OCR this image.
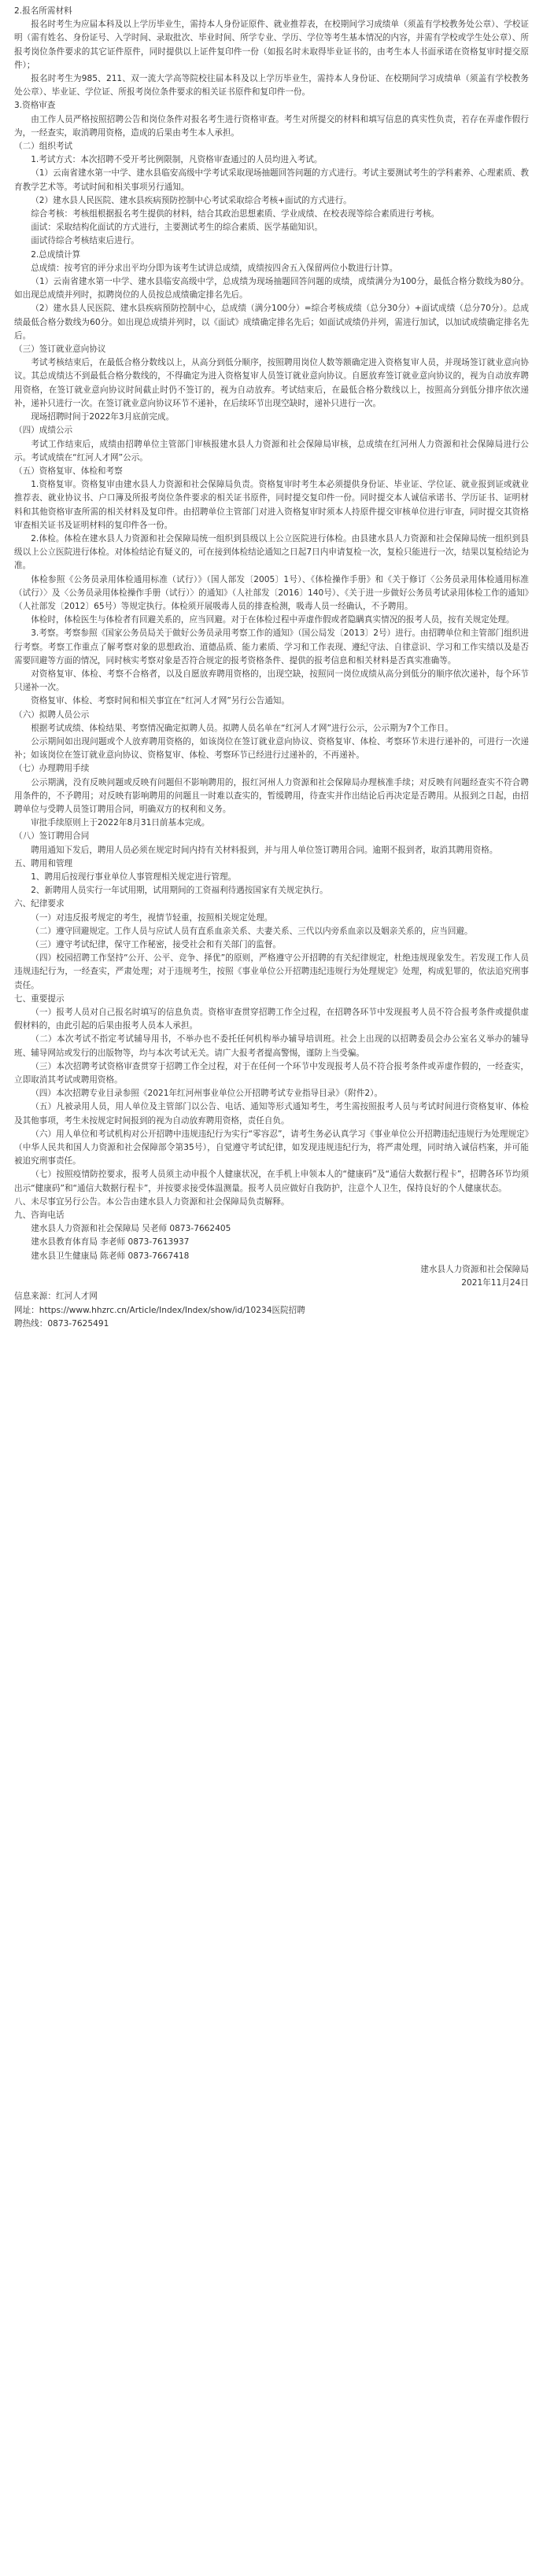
2.报名所需材料

报名时考生为应届本科及以上学历毕业生，需持本人身份证原件、就业推荐表，在校期间学习成绩单（须盖有学校教务处公章）、学校证明（需有姓名、身份证号、入学时间、录取批次、毕业时间、所学专业、学历、学位等考生基本情况的内容，并需有学校或学生处公章）、所报考岗位条件要求的其它证件原件，同时提供以上证件复印件一份（如报名时未取得毕业证书的，由考生本人书面承诺在资格复审时提交原件）；

报名时考生为985、211、双一流大学高等院校往届本科及以上学历毕业生，需持本人身份证、在校期间学习成绩单（须盖有学校教务处公章）、毕业证、学位证、所报考岗位条件要求的相关证书原件和复印件一份。

3.资格审查

由工作人员严格按照招聘公告和岗位条件对报名考生进行资格审查。考生对所提交的材料和填写信息的真实性负责，若存在弄虚作假行为，一经查实，取消聘用资格，造成的后果由考生本人承担。

（二）组织考试

1.考试方式：本次招聘不受开考比例限制，凡资格审查通过的人员均进入考试。

（1）云南省建水第一中学、建水县临安高级中学考试采取现场抽题回答问题的方式进行。考试主要测试考生的学科素养、心理素质、教育教学艺术等。考试时间和相关事项另行通知。

（2）建水县人民医院、建水县疾病预防控制中心考试采取综合考核+面试的方式进行。

综合考核：考核组根据报名考生提供的材料，结合其政治思想素质、学业成绩、在校表现等综合素质进行考核。

面试：采取结构化面试的方式进行，主要测试考生的综合素质、医学基础知识。

面试待综合考核结束后进行。

2.总成绩计算

总成绩：按考官的评分求出平均分即为该考生试讲总成绩，成绩按四舍五入保留两位小数进行计算。

（1）云南省建水第一中学、建水县临安高级中学，总成绩为现场抽题回答问题的成绩，成绩满分为100分，最低合格分数线为80分。如出现总成绩并列时，拟聘岗位的人员按总成绩确定排名先后。

（2）建水县人民医院、建水县疾病预防控制中心，总成绩（满分100分）=综合考核成绩（总分30分）+面试成绩（总分70分）。总成绩最低合格分数线为60分。如出现总成绩并列时，以《面试》成绩确定排名先后；如面试成绩仍并列，需进行加试，以加试成绩确定排名先后。

（三）签订就业意向协议

考试考核结束后，在最低合格分数线以上，从高分到低分顺序，按照聘用岗位人数等额确定进入资格复审人员，并现场签订就业意向协议。其总成绩达不到最低合格分数线的，不得确定为进入资格复审人员签订就业意向协议。自愿放弃签订就业意向协议的，视为自动放弃聘用资格，在签订就业意向协议时间截止时仍不签订的，视为自动放弃。考试结束后，在最低合格分数线以上，按照高分到低分排序依次递补，递补只进行一次。在签订就业意向协议环节不递补，在后续环节出现空缺时，递补只进行一次。

现场招聘时间于2022年3月底前完成。

（四）成绩公示

考试工作结束后，成绩由招聘单位主管部门审核报建水县人力资源和社会保障局审核，总成绩在红河州人力资源和社会保障局进行公示。考试成绩在“红河人才网”公示。

（五）资格复审、体检和考察

1.资格复审。资格复审由建水县人力资源和社会保障局负责。资格复审时考生本必须提供身份证、毕业证、学位证、就业报到证或就业推荐表、就业协议书、户口簿及所报考岗位条件要求的相关证书原件，同时提交复印件一份。同时提交本人诚信承诺书、学历证书、证明材料和其他资格审查所需的相关材料及复印件。由招聘单位主管部门对进入资格复审时须本人持原件提交审核单位进行审查，同时提交其资格审查相关证书及证明材料的复印件各一份。

2.体检。体检在建水县人力资源和社会保障局统一组织到县级以上公立医院进行体检。由县建水县人力资源和社会保障局统一组织到县级以上公立医院进行体检。对体检结论有疑义的，可在接到体检结论通知之日起7日内申请复检一次，复检只能进行一次，结果以复检结论为准。

体检参照《公务员录用体检通用标准（试行）》（国人部发〔2005〕1号）、《体检操作手册》和《关于修订〈公务员录用体检通用标准（试行）〉及〈公务员录用体检操作手册（试行）〉的通知》（人社部发〔2016〕140号）、《关于进一步做好公务员考试录用体检工作的通知》（人社部发〔2012〕65号）等规定执行。体检须开展吸毒人员的排查检测，吸毒人员一经确认，不予聘用。

体检时，体检医生与体检者有回避关系的，应当回避。对于在体检过程中弄虚作假或者隐瞒真实情况的报考人员，按有关规定处理。

3.考察。考察参照《国家公务员局关于做好公务员录用考察工作的通知》（国公局发〔2013〕2号）进行。由招聘单位和主管部门组织进行考察。考察工作重点了解考察对象的思想政治、道德品质、能力素质、学习和工作表现、遵纪守法、自律意识、学习和工作实绩以及是否需要回避等方面的情况，同时核实考察对象是否符合规定的报考资格条件、提供的报考信息和相关材料是否真实准确等。

对资格复审、体检、考察不合格者，以及自愿放弃聘用资格的，出现空缺，按照同一岗位成绩从高分到低分的顺序依次递补，每个环节只递补一次。

资格复审、体检、考察时间和相关事宜在“红河人才网”另行公告通知。

（六）拟聘人员公示

根据考试成绩、体检结果、考察情况确定拟聘人员。拟聘人员名单在“红河人才网”进行公示，公示期为7个工作日。

公示期间如出现问题或个人放弃聘用资格的，如该岗位在签订就业意向协议、资格复审、体检、考察环节未进行递补的，可进行一次递补；如该岗位在签订就业意向协议、资格复审、体检、考察环节已经进行过递补的，不再递补。

（七）办理聘用手续

公示期满，没有反映问题或反映有问题但不影响聘用的，报红河州人力资源和社会保障局办理核准手续；对反映有问题经查实不符合聘用条件的，不予聘用；对反映有影响聘用的问题且一时难以查实的，暂缓聘用，待查实并作出结论后再决定是否聘用。从报到之日起，由招聘单位与受聘人员签订聘用合同，明确双方的权利和义务。

审批手续原则上于2022年8月31日前基本完成。

（八）签订聘用合同

聘用通知下发后，聘用人员必须在规定时间内持有关材料报到，并与用人单位签订聘用合同。逾期不报到者，取消其聘用资格。

五、聘用和管理

1、聘用后按现行事业单位人事管理相关规定进行管理。

2、新聘用人员实行一年试用期，试用期间的工资福利待遇按国家有关规定执行。

六、纪律要求

（一）对违反报考规定的考生，视情节轻重，按照相关规定处理。

（二）遵守回避规定。工作人员与应试人员有直系血亲关系、夫妻关系、三代以内旁系血亲以及姻亲关系的，应当回避。

（三）遵守考试纪律，保守工作秘密，接受社会和有关部门的监督。

（四）校园招聘工作坚持“公开、公平、竞争、择优”的原则，严格遵守公开招聘的有关纪律规定，杜绝违规现象发生。若发现工作人员违规违纪行为，一经查实，严肃处理；对于违规考生，按照《事业单位公开招聘违纪违规行为处理规定》处理，构成犯罪的，依法追究刑事责任。

七、重要提示

（一）报考人员对自己报名时填写的信息负责。资格审查贯穿招聘工作全过程，在招聘各环节中发现报考人员不符合报考条件或提供虚假材料的，由此引起的后果由报考人员本人承担。

（二）本次考试不指定考试辅导用书，不举办也不委托任何机构举办辅导培训班。社会上出现的以招聘委员会办公室名义举办的辅导班、辅导网站或发行的出版物等，均与本次考试无关。请广大报考者提高警惕，谨防上当受骗。

（三）本次招聘考试资格审查贯穿于招聘工作全过程，对于在任何一个环节中发现报考人员不符合报考条件或弄虚作假的，一经查实，立即取消其考试或聘用资格。

（四）本次招聘专业目录参照《2021年红河州事业单位公开招聘考试专业指导目录》（附件2）。

（五）凡被录用人员，用人单位及主管部门以公告、电话、通知等形式通知考生，考生需按照报考人员与考试时间进行资格复审、体检及其他事项，考生未按规定时间报到的视为自动放弃聘用资格，责任自负。

（六）用人单位和考试机构对公开招聘中违规违纪行为实行“零容忍”，请考生务必认真学习《事业单位公开招聘违纪违规行为处理规定》（中华人民共和国人力资源和社会保障部令第35号），自觉遵守考试纪律，如发现违规违纪行为，将严肃处理，同时纳入诚信档案，并可能被追究刑事责任。

（七）按照疫情防控要求，报考人员须主动申报个人健康状况，在手机上申领本人的“健康码”及“通信大数据行程卡”，招聘各环节均须出示“健康码”和“通信大数据行程卡”，并按要求接受体温测量。报考人员应做好自我防护，注意个人卫生，保持良好的个人健康状态。

八、未尽事宜另行公告。本公告由建水县人力资源和社会保障局负责解释。

九、咨询电话

建水县人力资源和社会保障局 吴老师 0873-7662405

建水县教育体育局 李老师 0873-7613937

建水县卫生健康局 陈老师 0873-7667418

建水县人力资源和社会保障局

2021年11月24日

信息来源：红河人才网

网址：https://www.hhzrc.cn/Article/Index/Index/show/id/10234医院招聘

聘热线：0873-7625491
